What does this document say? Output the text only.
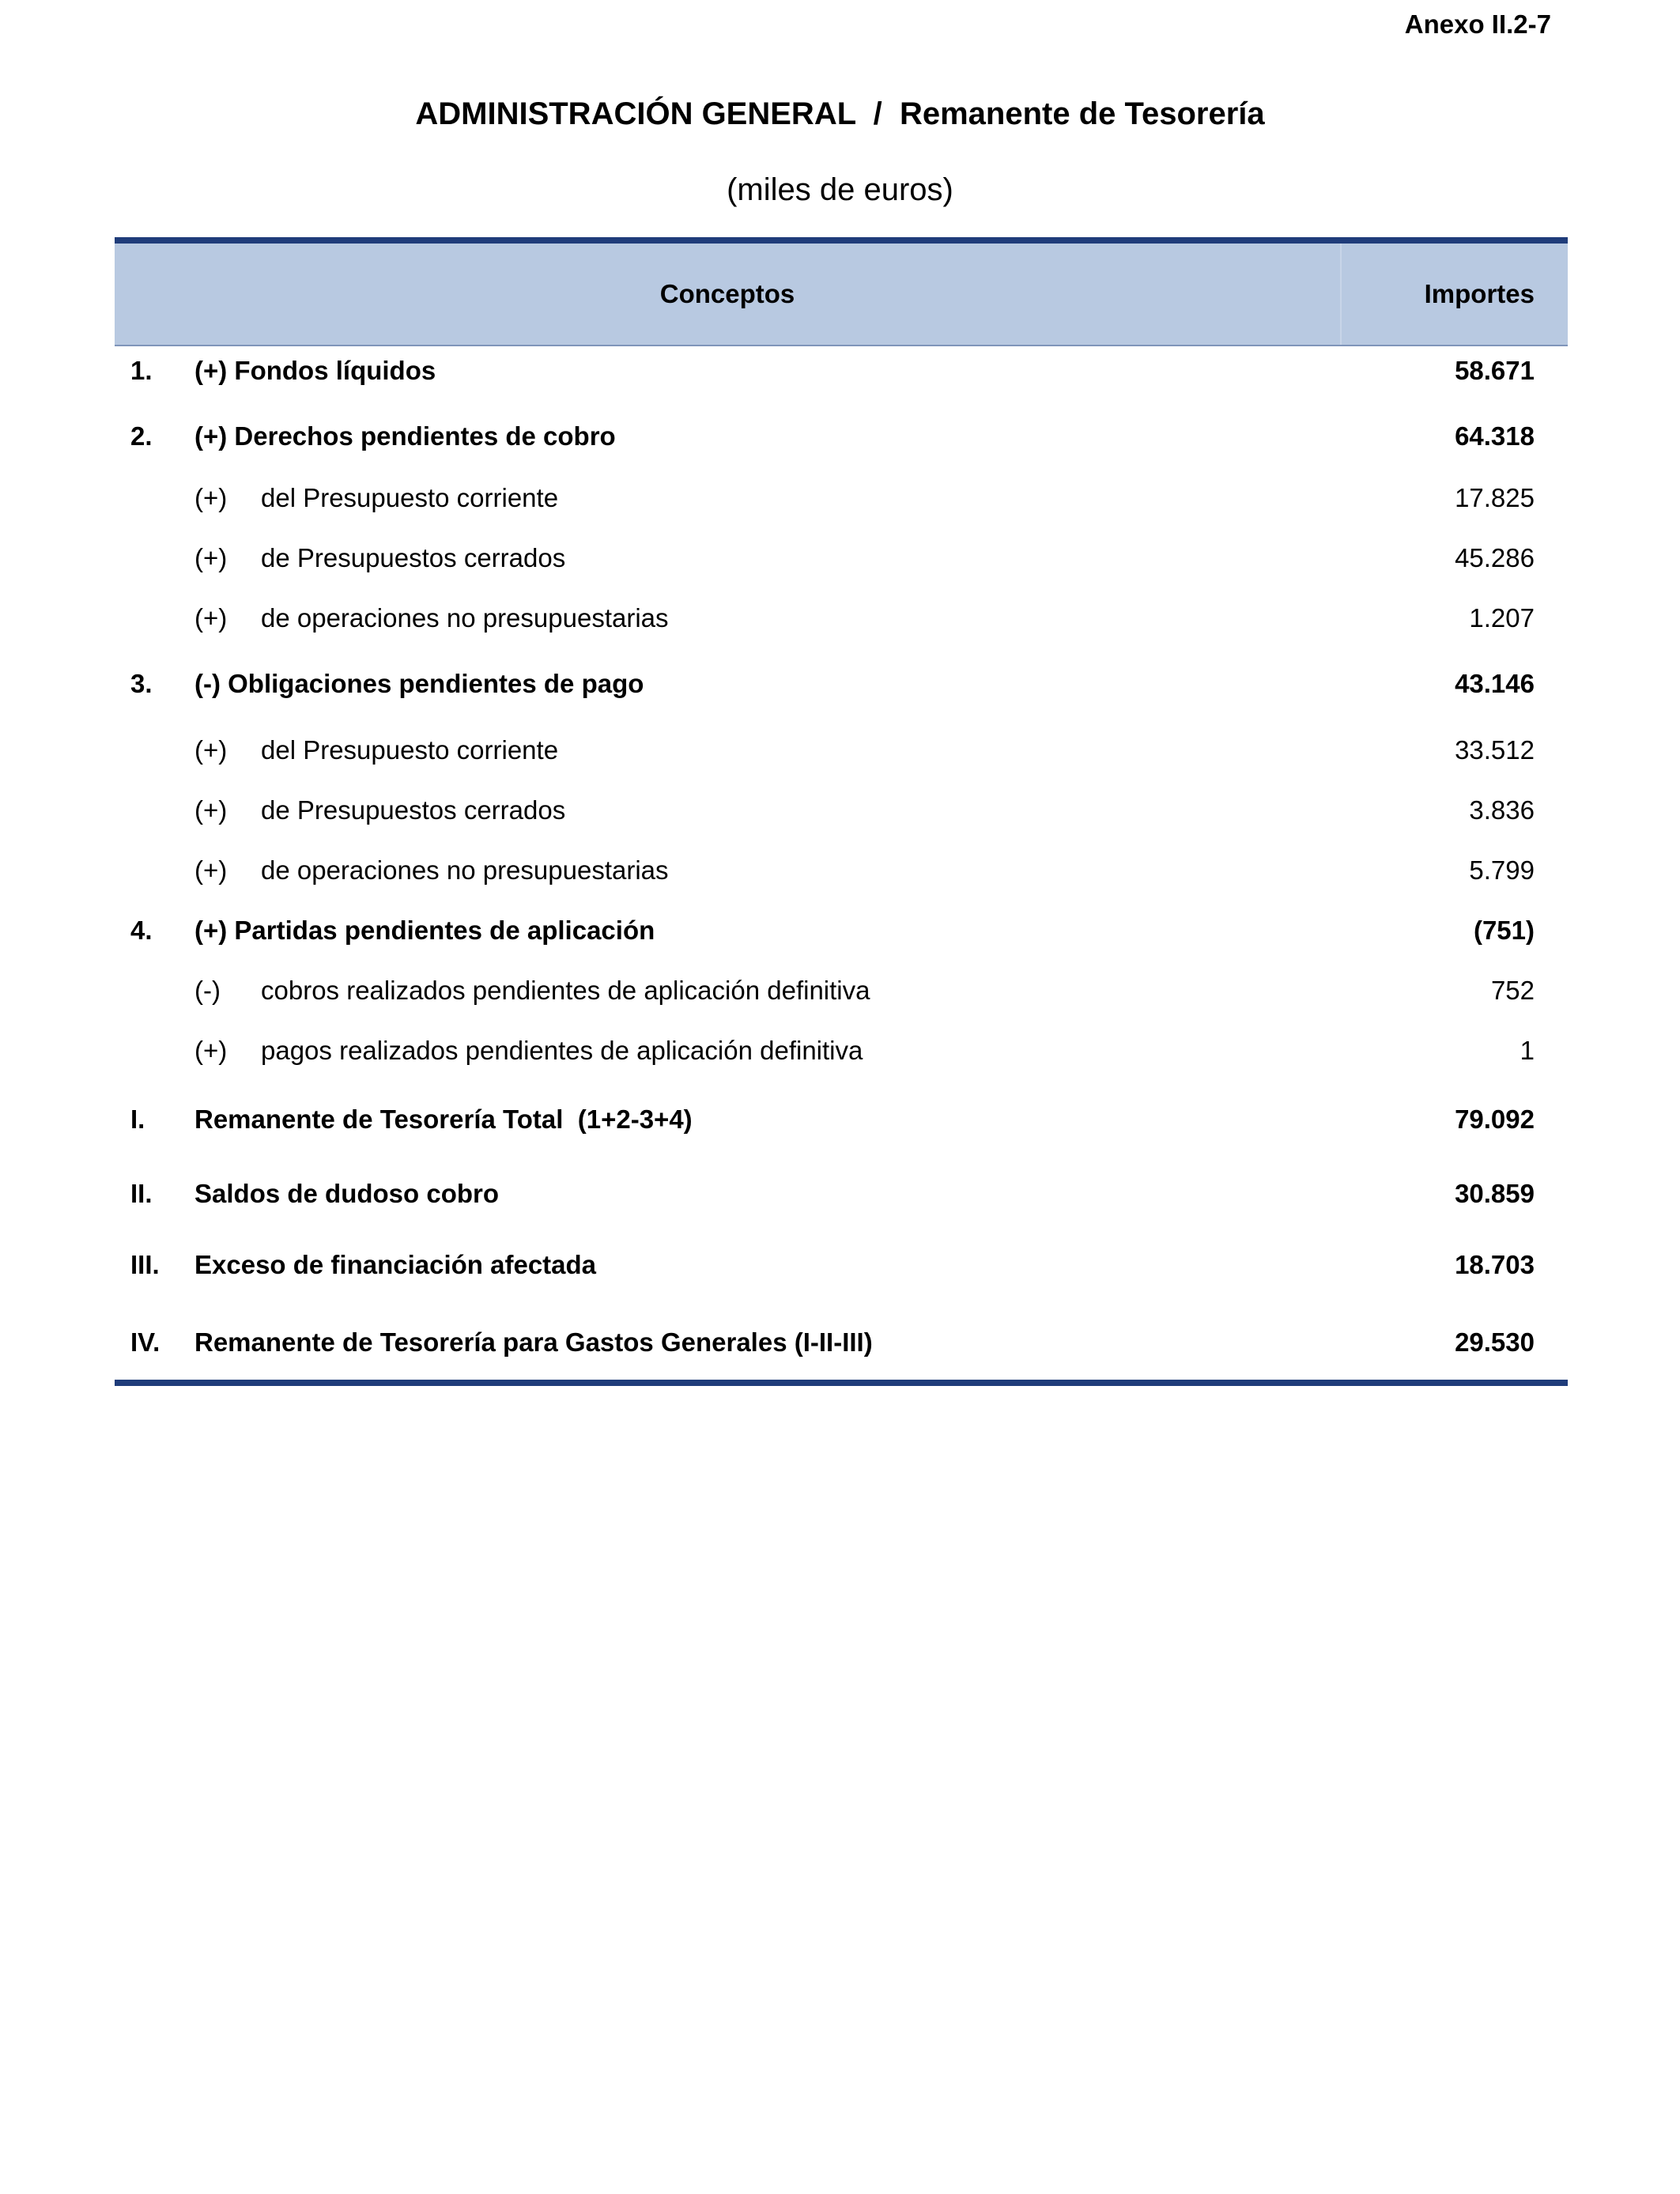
Anexo II.2-7
ADMINISTRACIÓN GENERAL  /  Remanente de Tesorería
(miles de euros)
Conceptos	Importes
1. (+) Fondos líquidos	58.671
2. (+) Derechos pendientes de cobro	64.318
(+) del Presupuesto corriente	17.825
(+) de Presupuestos cerrados	45.286
(+) de operaciones no presupuestarias	1.207
3. (-) Obligaciones pendientes de pago	43.146
(+) del Presupuesto corriente	33.512
(+) de Presupuestos cerrados	3.836
(+) de operaciones no presupuestarias	5.799
4. (+) Partidas pendientes de aplicación	(751)
(-) cobros realizados pendientes de aplicación definitiva	752
(+) pagos realizados pendientes de aplicación definitiva	1
I. Remanente de Tesorería Total  (1+2-3+4)	79.092
II. Saldos de dudoso cobro	30.859
III. Exceso de financiación afectada	18.703
IV. Remanente de Tesorería para Gastos Generales (I-II-III)	29.530
